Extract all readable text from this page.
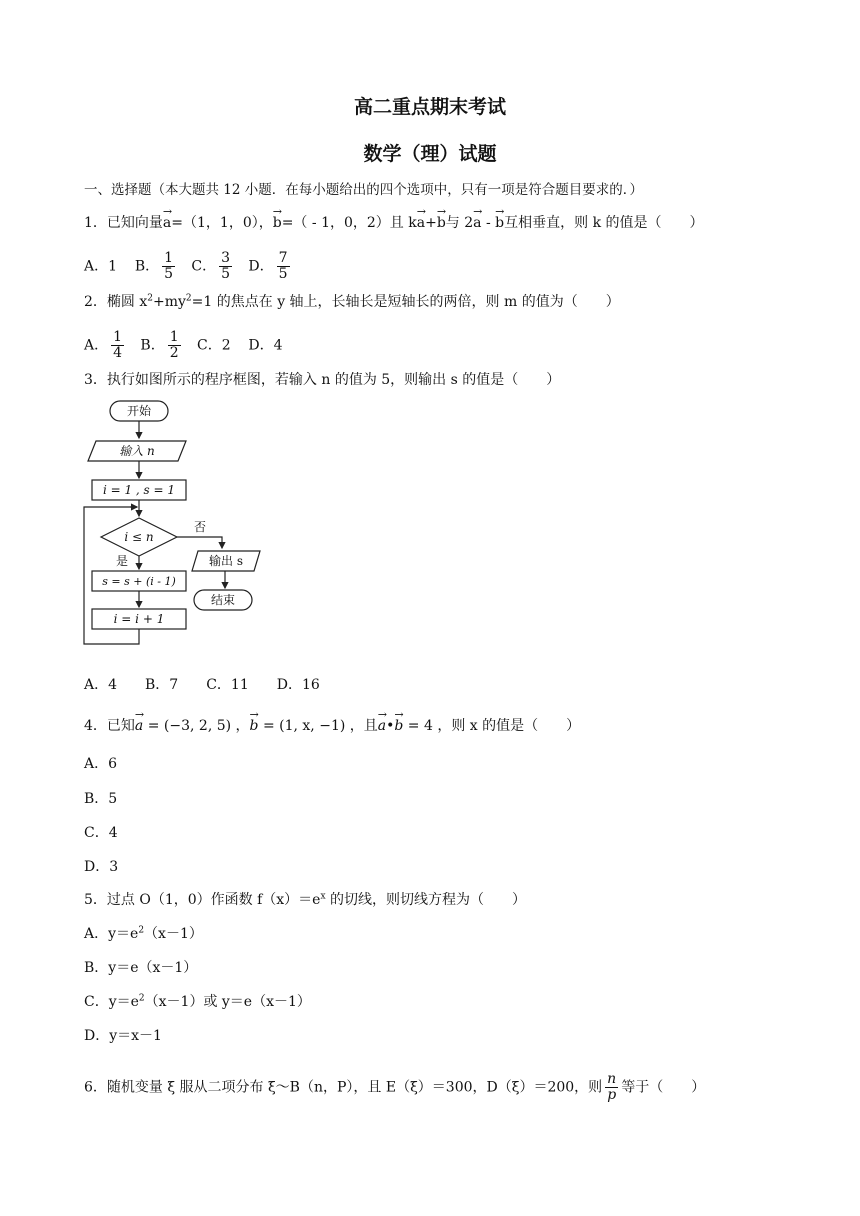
高二重点期末考试
数学（理）试题
一、选择题（本大题共 12 小题．在每小题给出的四个选项中，只有一项是符合题目要求的．）
1．已知向量→ a=（1，1，0），→ b=（ - 1，0，2）且 k→ a+→ b与 2→ a - → b互相垂直，则 k 的值是（　　）
A．1 B． $\frac{1}{5}$ C． $\frac{3}{5}$ D． $\frac{7}{5}$
2．椭圆 $x^2+my^2=1$ 的焦点在 y 轴上，长轴长是短轴长的两倍，则 m 的值为（　　）
A． $\frac{1}{4}$ B． $\frac{1}{2}$ C．2 D．4
3．执行如图所示的程序框图，若输入 n 的值为 5，则输出 s 的值是（　　）
开始
输入 n
i = 1 , s = 1
i ≤ n
否
是
s = s + (i - 1)
i = i + 1
输出 s
结束
A．4　　B．7　　C．11　　D．16
4．已知→ a = (−3, 2, 5) ，→ b = (1, x, −1) ，且→ a•→ b = 4 ，则 x 的值是（　　）
A．6
B．5
C．4
D．3
5．过点 O（1，0）作函数 $f(x)=e^x$ 的切线，则切线方程为（　　）
A．$y=e^2(x-1)$
B．y＝e（x－1）
C．$y=e^2(x-1)$或 y＝e（x－1）
D．y＝x－1
6．随机变量 ξ 服从二项分布 ξ～B（n，P），且 E（ξ）＝300，D（ξ）＝200，则 $\frac{n}{p}$ 等于（　　）
